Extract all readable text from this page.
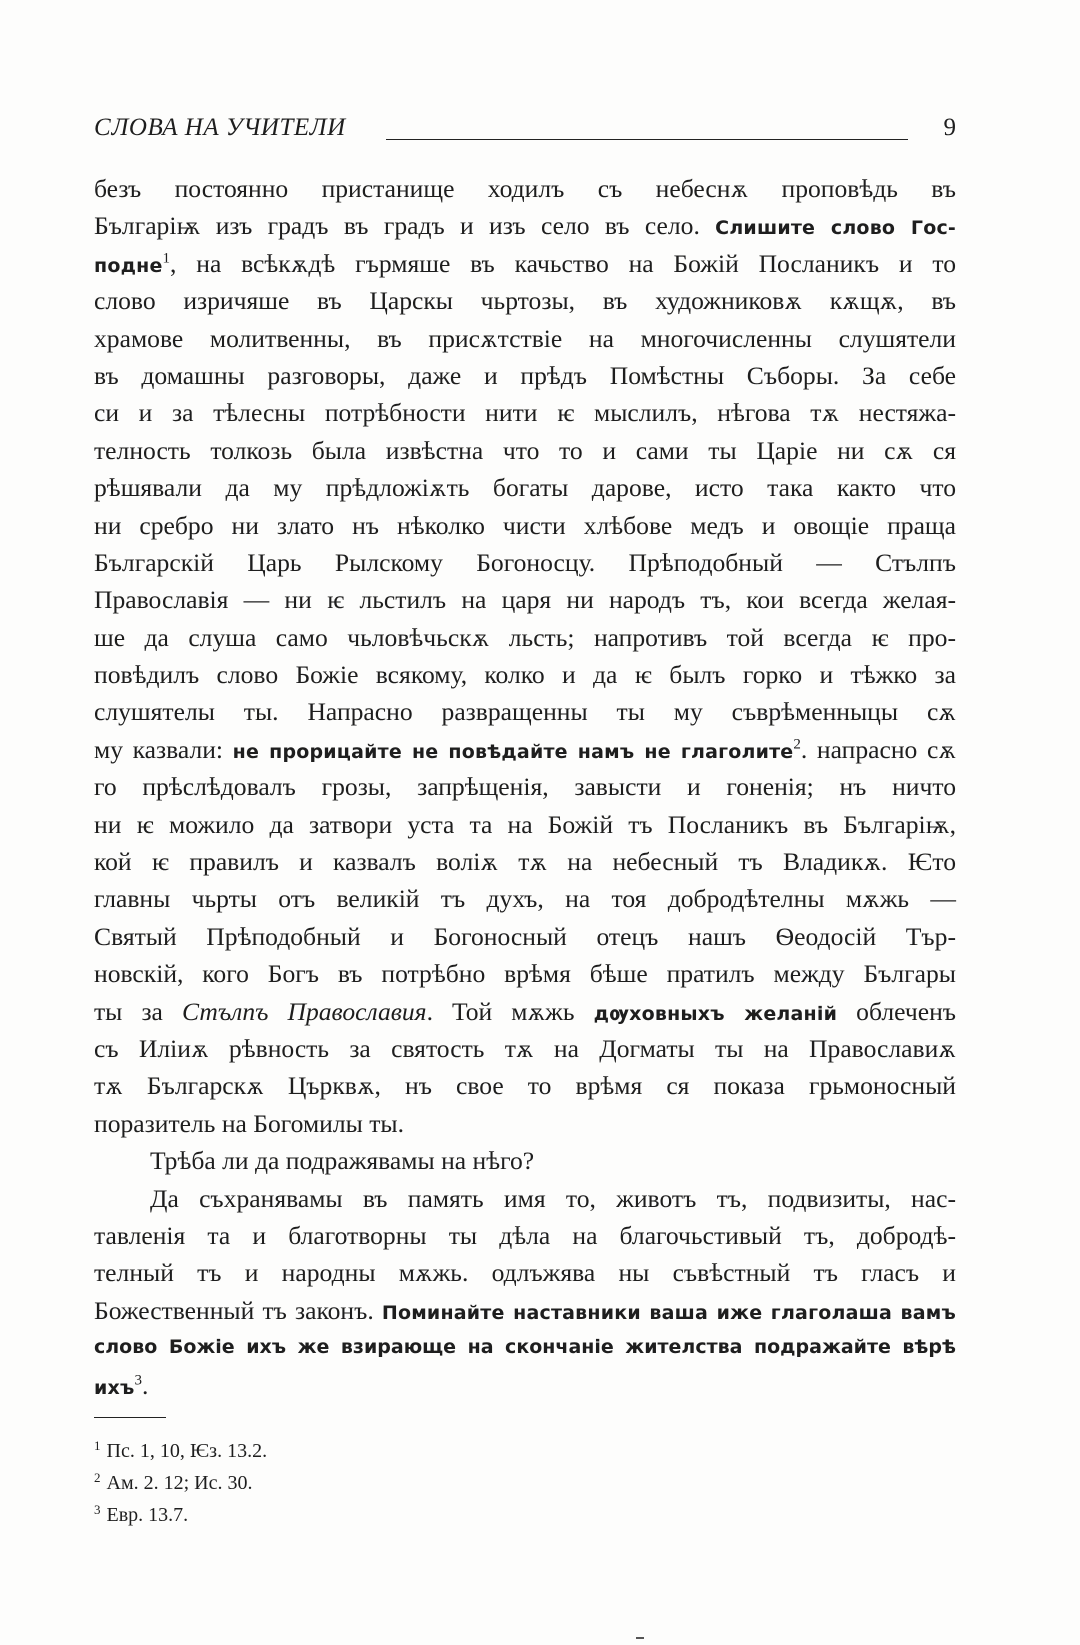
СЛОВА НА УЧИТЕЛИ	9
безъ постоянно пристанище ходилъ съ небеснѫ проповѣдь въ
Българіѭ изъ градъ въ градъ и изъ село въ село. Слишите слово Гос-
подне$^1$, на всѣкѫдѣ гърмяше въ качьство на Божій Посланикъ и то
слово изричяше въ Царскы чьртозы, въ художниковѫ кѫщѫ, въ
храмове молитвенны, въ присѫтствіе на многочисленны слушятели
въ домашны разговоры, даже и прѣдъ Помѣстны Съборы. За себе
си и за тѣлесны потрѣбности нити ѥ мыслилъ, нѣгова тѫ нестяжа-
телность толкозь была извѣстна что то и сами ты Царіе ни сѫ ся
рѣшявали да му прѣдложіѫть богаты дарове, исто така както что
ни сребро ни злато нъ нѣколко чисти хлѣбове медъ и овощіе праща
Българскій Царь Рылскому Богоносцу. Прѣподобный — Стълпъ
Православія — ни ѥ льстилъ на царя ни народъ тъ, кои всегда желая-
ше да слуша само чьловѣчьскѫ льсть; напротивъ той всегда ѥ про-
повѣдилъ слово Божіе всякому, колко и да ѥ былъ горко и тѣжко за
слушятелы ты. Напрасно развращенны ты му съврѣменныцы сѫ
му казвали: не прорицайте не повѣдайте намъ не глаголите$^2$. напрасно сѫ
го прѣслѣдовалъ грозы, запрѣщенія, завысти и гоненія; нъ ничто
ни ѥ можило да затвори уста та на Божій тъ Посланикъ въ Българіѭ,
кой ѥ правилъ и казвалъ воліѫ тѫ на небесный тъ Владикѫ. Ѥто
главны чьрты отъ великій тъ духъ, на тоя добродѣтелны мѫжь —
Святый Прѣподобный и Богоносный отецъ нашъ Ѳеодосій Тър-
новскій, кого Богъ въ потрѣбно врѣмя бѣше пратилъ между Българы
ты за Стълпъ Православия. Той мѫжь дѹховныхъ желаній облеченъ
съ Иліиѫ рѣвность за святость тѫ на Догматы ты на Православиѫ
тѫ Българскѫ Църквѫ, нъ свое то врѣмя ся показа грьмоносный
поразитель на Богомилы ты.
Трѣба ли да подражявамы на нѣго?
Да съхранявамы въ память имя то, животъ тъ, подвизиты, нас-
тавленія та и благотворны ты дѣла на благочьстивый тъ, добродѣ-
телный тъ и народны мѫжь. одлъжява ны съвѣстный тъ гласъ и
Божественный тъ законъ. Поминайте наставники ваша иже глаголаша вамъ
слово Божіе ихъ же взирающе на скончаніе жителства подражайте вѣрѣ
ихъ$^3$.
$^1$ Пс. 1, 10, Ѥз. 13.2.
$^2$ Ам. 2. 12; Ис. 30.
$^3$ Евр. 13.7.
